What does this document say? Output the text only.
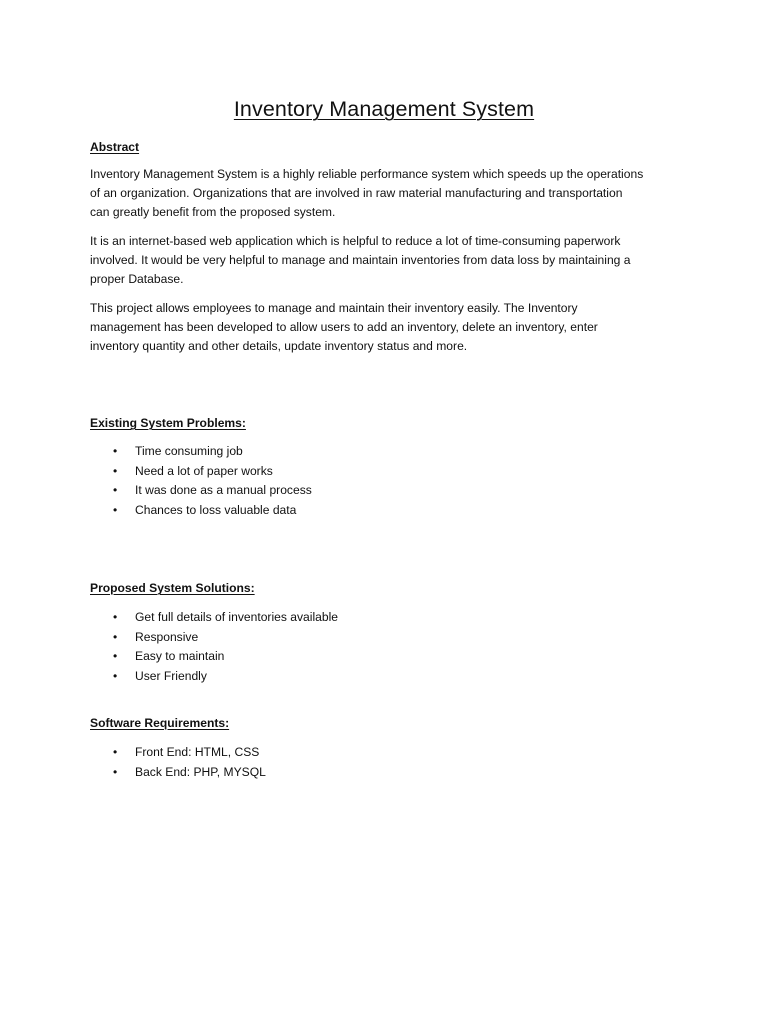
Inventory Management System
Abstract

Inventory Management System is a highly reliable performance system which speeds up the operations

of an organization. Organizations that are involved in raw material manufacturing and transportation

can greatly benefit from the proposed system.

It is an internet-based web application which is helpful to reduce a lot of time-consuming paperwork

involved. It would be very helpful to manage and maintain inventories from data loss by maintaining a

proper Database.

This project allows employees to manage and maintain their inventory easily. The Inventory

management has been developed to allow users to add an inventory, delete an inventory, enter

inventory quantity and other details, update inventory status and more.

Existing System Problems:
• Time consuming job
• Need a lot of paper works
• It was done as a manual process
• Chances to loss valuable data
Proposed System Solutions:
• Get full details of inventories available
• Responsive
• Easy to maintain
• User Friendly
Software Requirements:
• Front End: HTML, CSS
• Back End: PHP, MYSQL
